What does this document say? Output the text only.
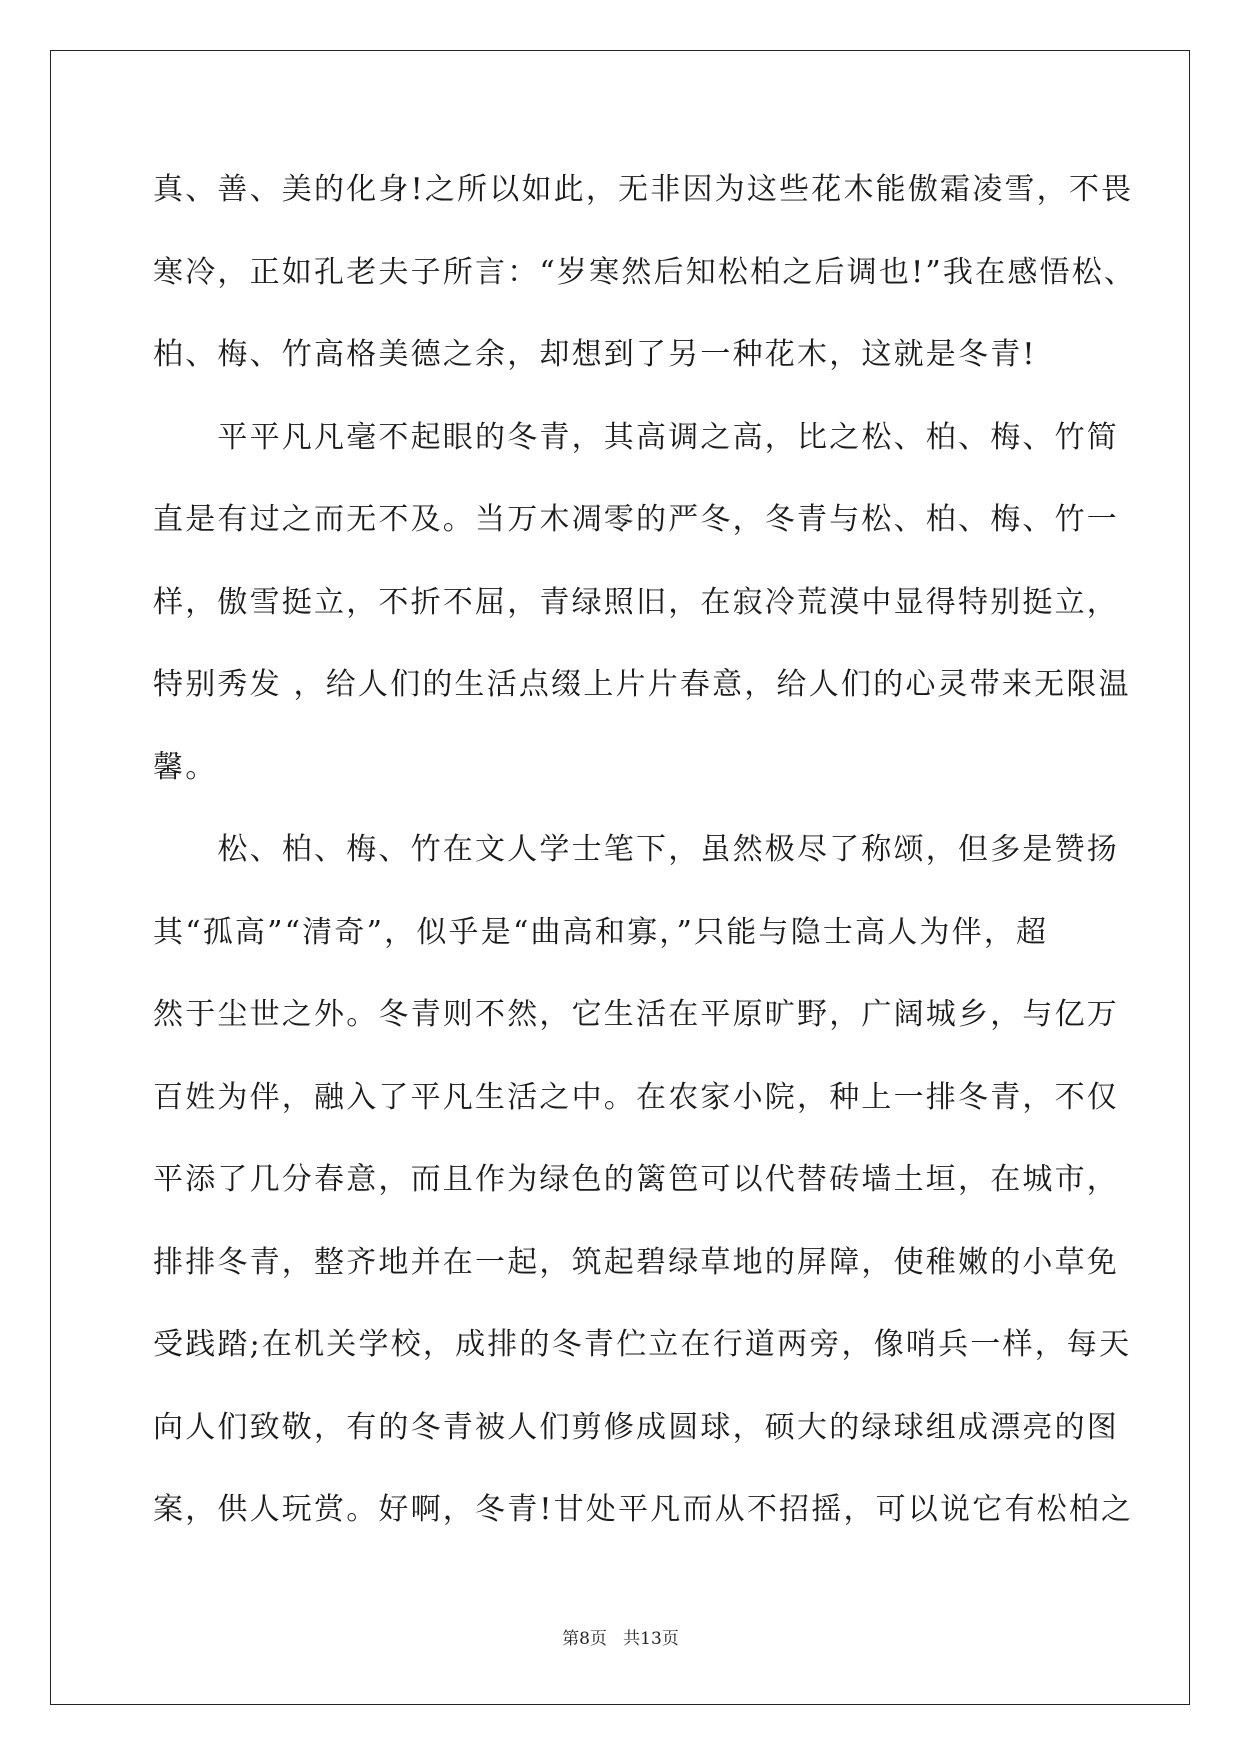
真、善、美的化身!之所以如此，无非因为这些花木能傲霜凌雪，不畏
寒冷，正如孔老夫子所言：“岁寒然后知松柏之后调也!”我在感悟松、
柏、梅、竹高格美德之余，却想到了另一种花木，这就是冬青!
　　平平凡凡毫不起眼的冬青，其高调之高，比之松、柏、梅、竹简
直是有过之而无不及。当万木凋零的严冬，冬青与松、柏、梅、竹一
样，傲雪挺立，不折不屈，青绿照旧，在寂冷荒漠中显得特别挺立，
特别秀发 ，给人们的生活点缀上片片春意，给人们的心灵带来无限温
馨。
　　松、柏、梅、竹在文人学士笔下，虽然极尽了称颂，但多是赞扬
其“孤高”“清奇”，似乎是“曲高和寡，”只能与隐士高人为伴，超
然于尘世之外。冬青则不然，它生活在平原旷野，广阔城乡，与亿万
百姓为伴，融入了平凡生活之中。在农家小院，种上一排冬青，不仅
平添了几分春意，而且作为绿色的篱笆可以代替砖墙土垣，在城市，
排排冬青，整齐地并在一起，筑起碧绿草地的屏障，使稚嫩的小草免
受践踏;在机关学校，成排的冬青伫立在行道两旁，像哨兵一样，每天
向人们致敬，有的冬青被人们剪修成圆球，硕大的绿球组成漂亮的图
案，供人玩赏。好啊，冬青!甘处平凡而从不招摇，可以说它有松柏之
第8页   共13页
